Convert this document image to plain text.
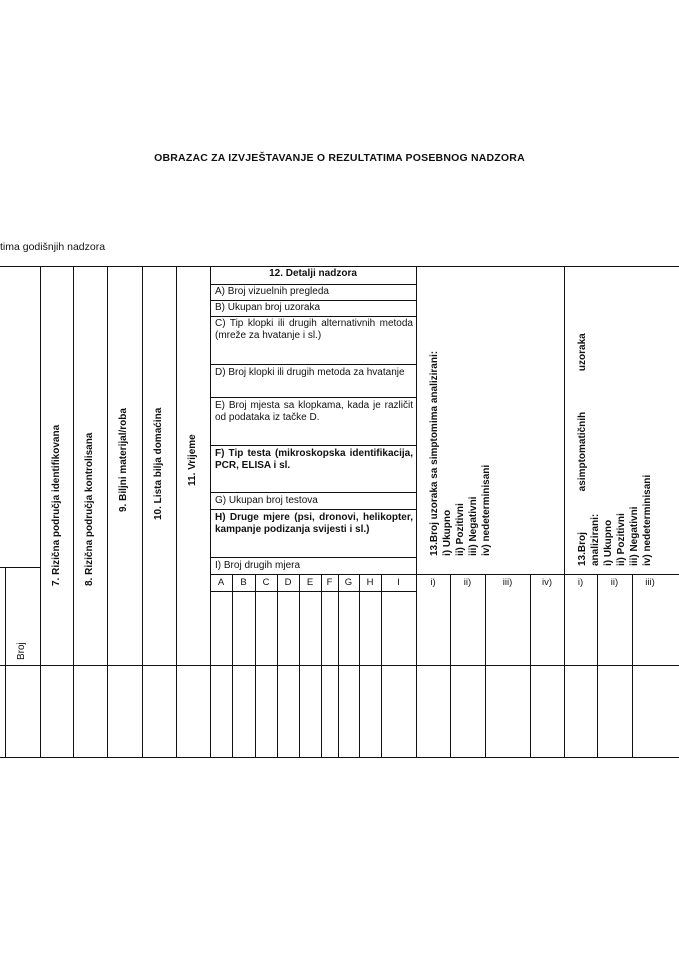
OBRAZAC ZA IZVJEŠTAVANJE O REZULTATIMA POSEBNOG NADZORA
tima godišnjih nadzora
7. Rizična područja identifikovana 8. Rizična područja kontrolisana 9. Biljni materijal/roba 10. Lista bilja domaćina 11. Vrijeme
Broj
12. Detalji nadzora
A) Broj vizuelnih pregleda
B) Ukupan broj uzoraka
C) Tip klopki ili drugih alternativnih metoda (mreže za hvatanje i sl.)
D) Broj klopki ili drugih metoda za hvatanje
E) Broj mjesta sa klopkama, kada je različit od podataka iz tačke D.
F) Tip testa (mikroskopska identifikacija, PCR, ELISA i sl.
G) Ukupan broj testova
H) Druge mjere (psi, dronovi, helikopter, kampanje podizanja svijesti i sl.)
I) Broj drugih mjera
A	B	C	D	E	F	G	H	I
13.Broj uzoraka sa simptomima analizirani: i) Ukupno ii) Pozitivni iii) Negativni iv) nedeterminisani
i)	ii)	iii)	iv)
13.Broj asimptomatičnih uzoraka analizirani: i) Ukupno ii) Pozitivni iii) Negativni iv) nedeterminisani
i)	ii)	iii)
